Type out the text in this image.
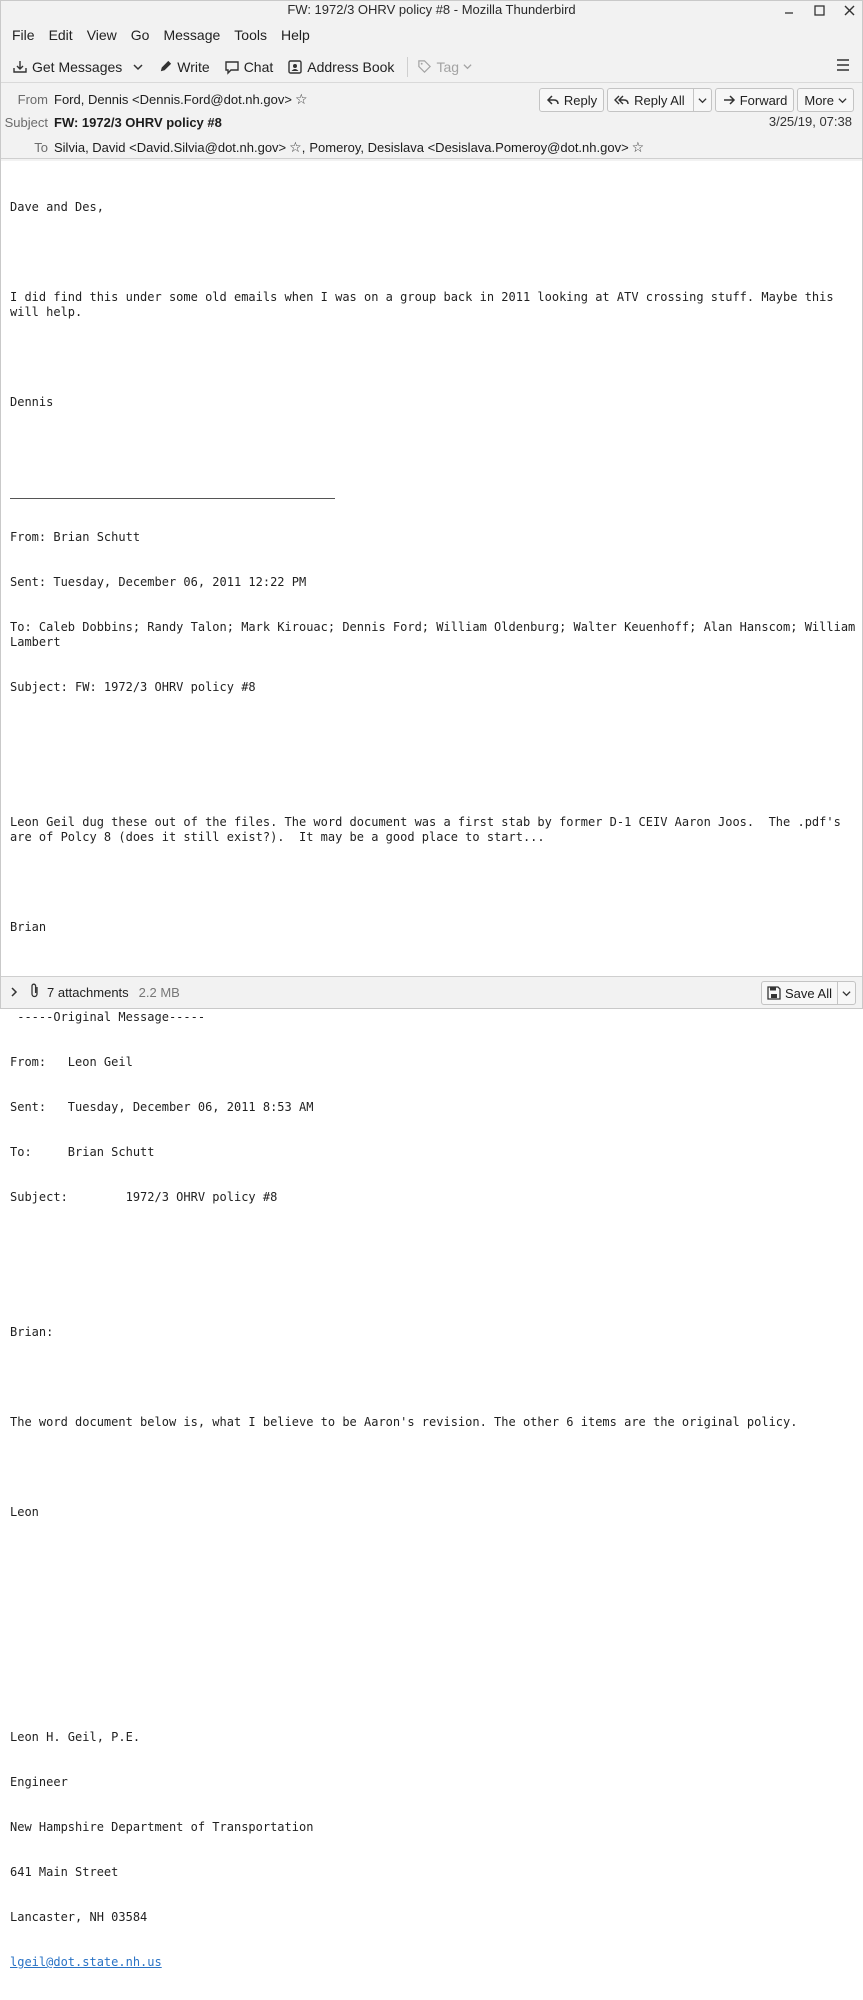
FW: 1972/3 OHRV policy #8 - Mozilla Thunderbird
File	Edit	View	Go	Message	Tools	Help
Get Messages	Write Chat Address Book	Tag
From Ford, Dennis <Dennis.Ford@dot.nh.gov> ☆
Subject FW: 1972/3 OHRV policy #8
To Silvia, David <David.Silvia@dot.nh.gov> ☆ , Pomeroy, Desislava <Desislava.Pomeroy@dot.nh.gov> ☆
Reply	Reply All	Forward More
3/25/19, 07:38

Dave and Des,

I did find this under some old emails when I was on a group back in 2011 looking at ATV crossing stuff. Maybe this will help.

Dennis

From: Brian Schutt

Sent: Tuesday, December 06, 2011 12:22 PM

To: Caleb Dobbins; Randy Talon; Mark Kirouac; Dennis Ford; William Oldenburg; Walter Keuenhoff; Alan Hanscom; William Lambert

Subject: FW: 1972/3 OHRV policy #8

Leon Geil dug these out of the files. The word document was a first stab by former D-1 CEIV Aaron Joos.  The .pdf's are of Polcy 8 (does it still exist?).  It may be a good place to start...

Brian

-----Original Message-----

From:   Leon Geil

Sent:   Tuesday, December 06, 2011 8:53 AM

To:     Brian Schutt

Subject:        1972/3 OHRV policy #8

Brian:

The word document below is, what I believe to be Aaron's revision. The other 6 items are the original policy.

Leon

Leon H. Geil, P.E.

Engineer

New Hampshire Department of Transportation

641 Main Street

Lancaster, NH 03584

lgeil@dot.state.nh.us

7 attachments 2.2 MB	Save All
